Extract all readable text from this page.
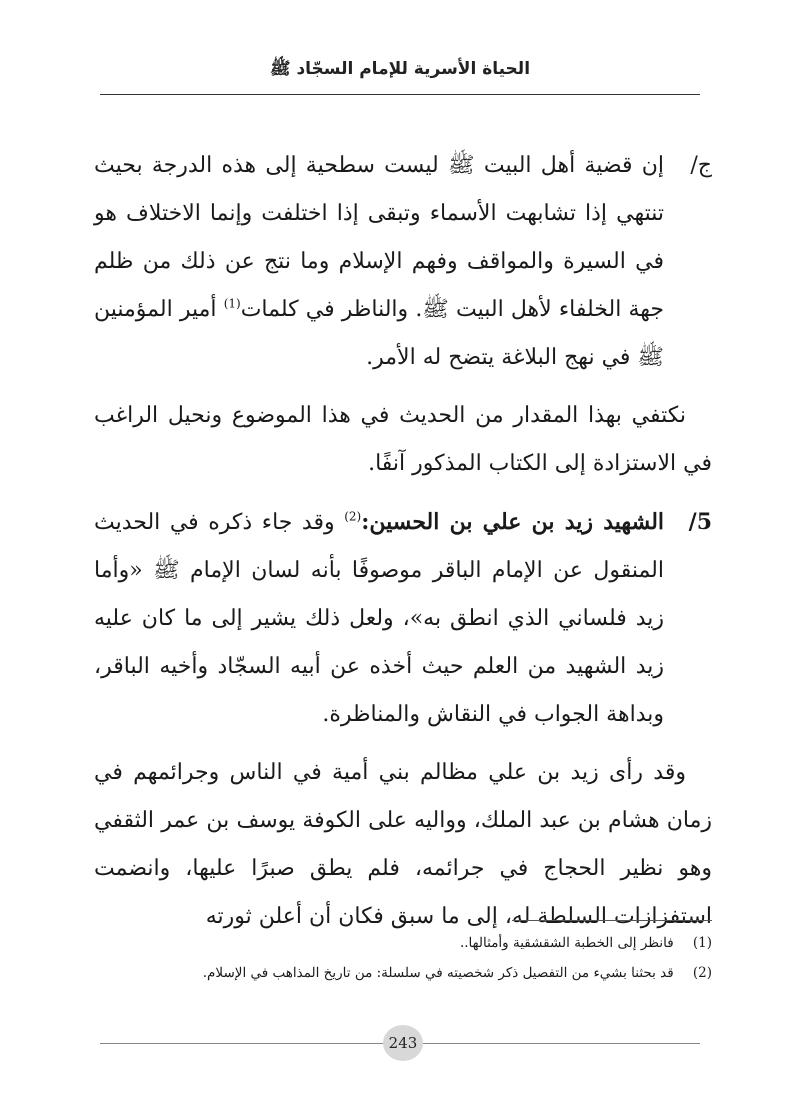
الحياة الأسرية للإمام السجّاد ﷺ
ج/
إن قضية أهل البيت ﷺ ليست سطحية إلى هذه الدرجة بحيث تنتهي إذا تشابهت الأسماء وتبقى إذا اختلفت وإنما الاختلاف هو في السيرة والمواقف وفهم الإسلام وما نتج عن ذلك من ظلم جهة الخلفاء لأهل البيت ﷺ. والناظر في كلمات$^{(1)}$ أمير المؤمنين ﷺ في نهج البلاغة يتضح له الأمر.
نكتفي بهذا المقدار من الحديث في هذا الموضوع ونحيل الراغب في الاستزادة إلى الكتاب المذكور آنفًا.
5/
الشهيد زيد بن علي بن الحسين:$^{(2)}$ وقد جاء ذكره في الحديث المنقول عن الإمام الباقر موصوفًا بأنه لسان الإمام ﷺ «وأما زيد فلساني الذي انطق به»، ولعل ذلك يشير إلى ما كان عليه زيد الشهيد من العلم حيث أخذه عن أبيه السجّاد وأخيه الباقر، وبداهة الجواب في النقاش والمناظرة.
وقد رأى زيد بن علي مظالم بني أمية في الناس وجرائمهم في زمان هشام بن عبد الملك، وواليه على الكوفة يوسف بن عمر الثقفي وهو نظير الحجاج في جرائمه، فلم يطق صبرًا عليها، وانضمت استفزازات السلطة له، إلى ما سبق فكان أن أعلن ثورته
(1) فانظر إلى الخطبة الشقشقية وأمثالها..
(2) قد بحثنا بشيء من التفصيل ذكر شخصيته في سلسلة: من تاريخ المذاهب في الإسلام.
243
